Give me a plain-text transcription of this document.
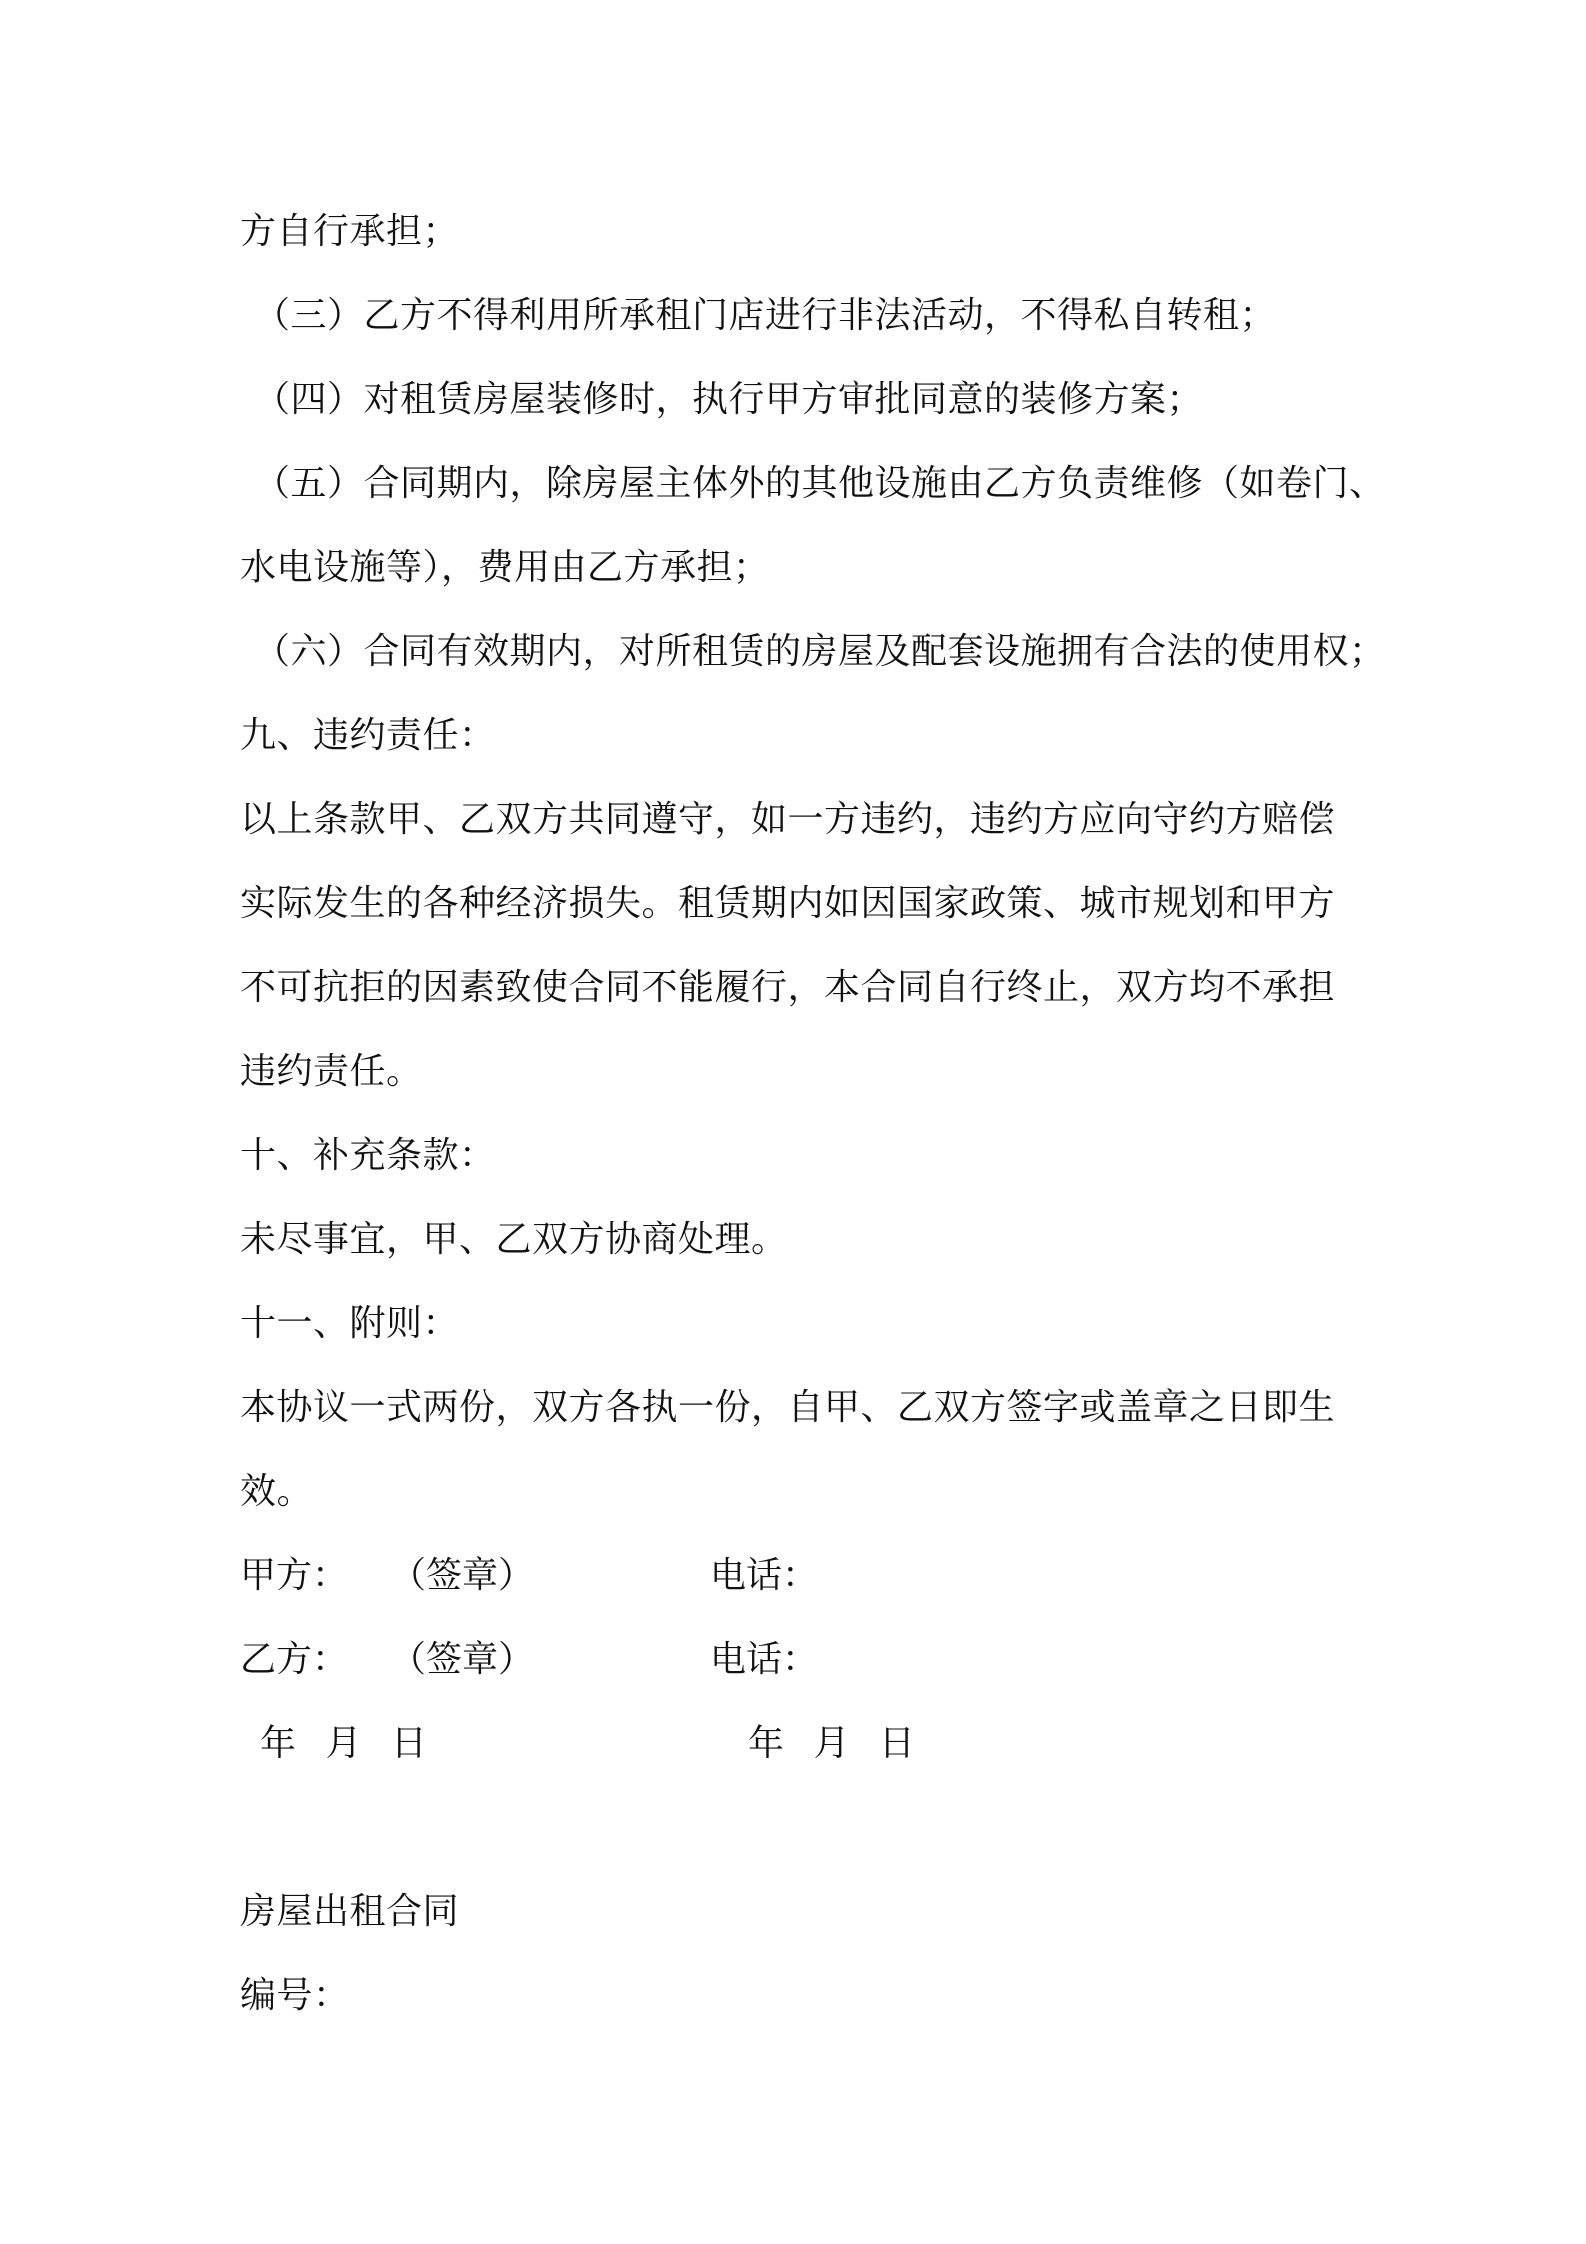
方自行承担；
（三）乙方不得利用所承租门店进行非法活动，不得私自转租；
（四）对租赁房屋装修时，执行甲方审批同意的装修方案；
（五）合同期内，除房屋主体外的其他设施由乙方负责维修（如卷门、
水电设施等），费用由乙方承担；
（六）合同有效期内，对所租赁的房屋及配套设施拥有合法的使用权；
九、违约责任：
以上条款甲、乙双方共同遵守，如一方违约，违约方应向守约方赔偿
实际发生的各种经济损失。租赁期内如因国家政策、城市规划和甲方
不可抗拒的因素致使合同不能履行，本合同自行终止，双方均不承担
违约责任。
十、补充条款：
未尽事宜，甲、乙双方协商处理。
十一、附则：
本协议一式两份，双方各执一份，自甲、乙双方签字或盖章之日即生
效。
甲方： （签章）	电话：
乙方： （签章）	电话：
年 月 日	年 月 日
房屋出租合同
编号：
